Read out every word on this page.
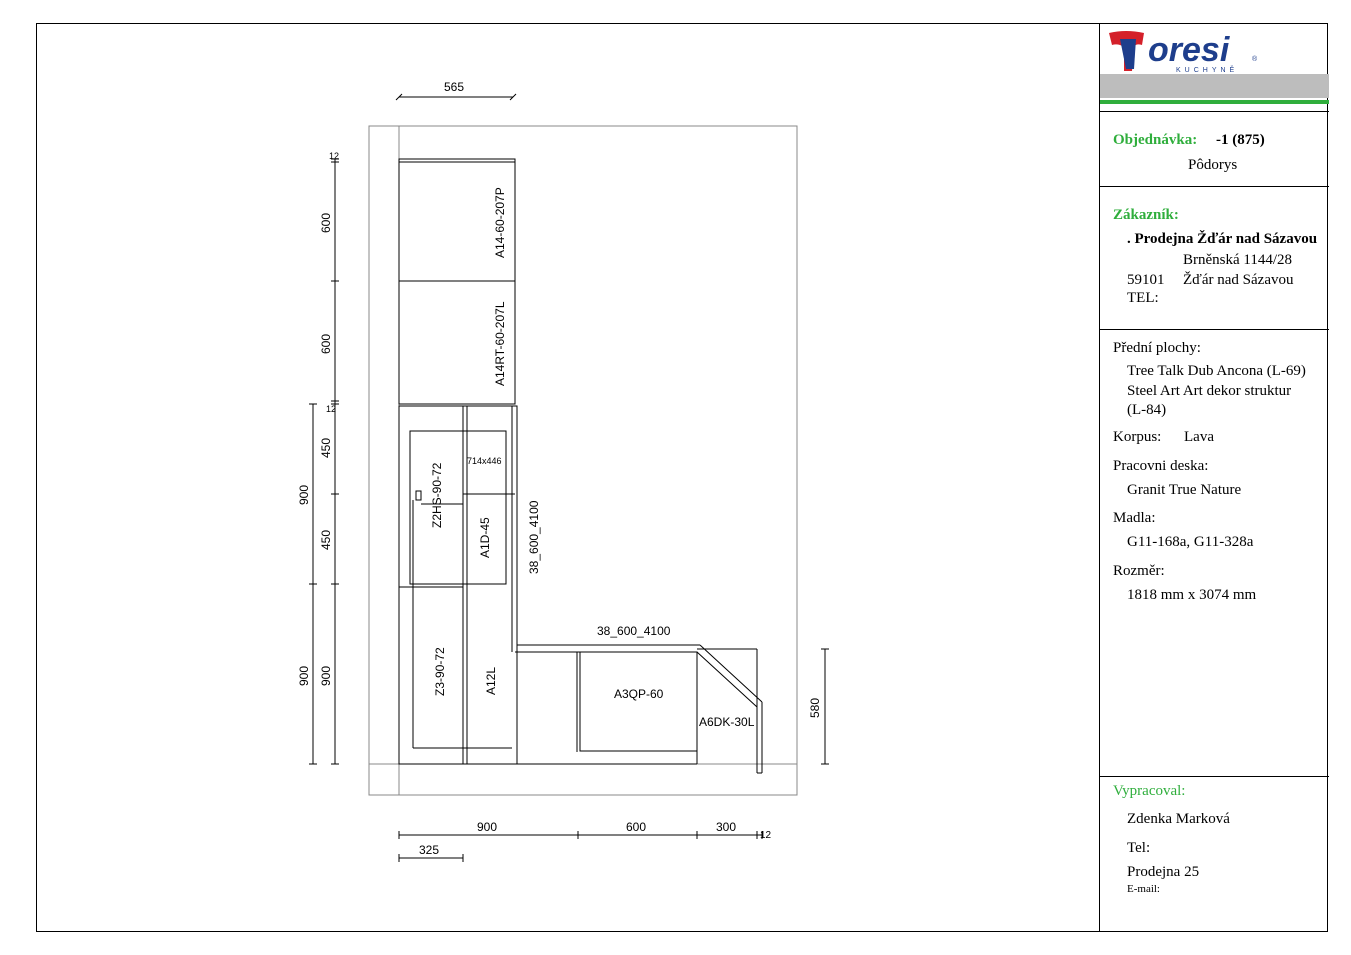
A14-60-207P
A14RT-60-207L
Z2HS-90-72
A1D-45
Z3-90-72	A12L	A3QP-60
A6DK-30L
38_600_4100
38_600_4100
714x446
565
12
600
600
12
450
450
900
900
900
900	600	300
12
325
580
oresi	®
KUCHYNĚ
Objednávka: -1 (875)
Pôdorys
Zákazník:
. Prodejna Žďár nad Sázavou
Brněnská 1144/28
59101 Žďár nad Sázavou
TEL:
Přední plochy:
Tree Talk Dub Ancona (L-69)
Steel Art Art dekor struktur
(L-84)
Korpus: Lava
Pracovni deska:
Granit True Nature
Madla:
G11-168a, G11-328a
Rozměr:
1818 mm x 3074 mm
Vypracoval:
Zdenka Marková
Tel:
Prodejna 25
E-mail:
